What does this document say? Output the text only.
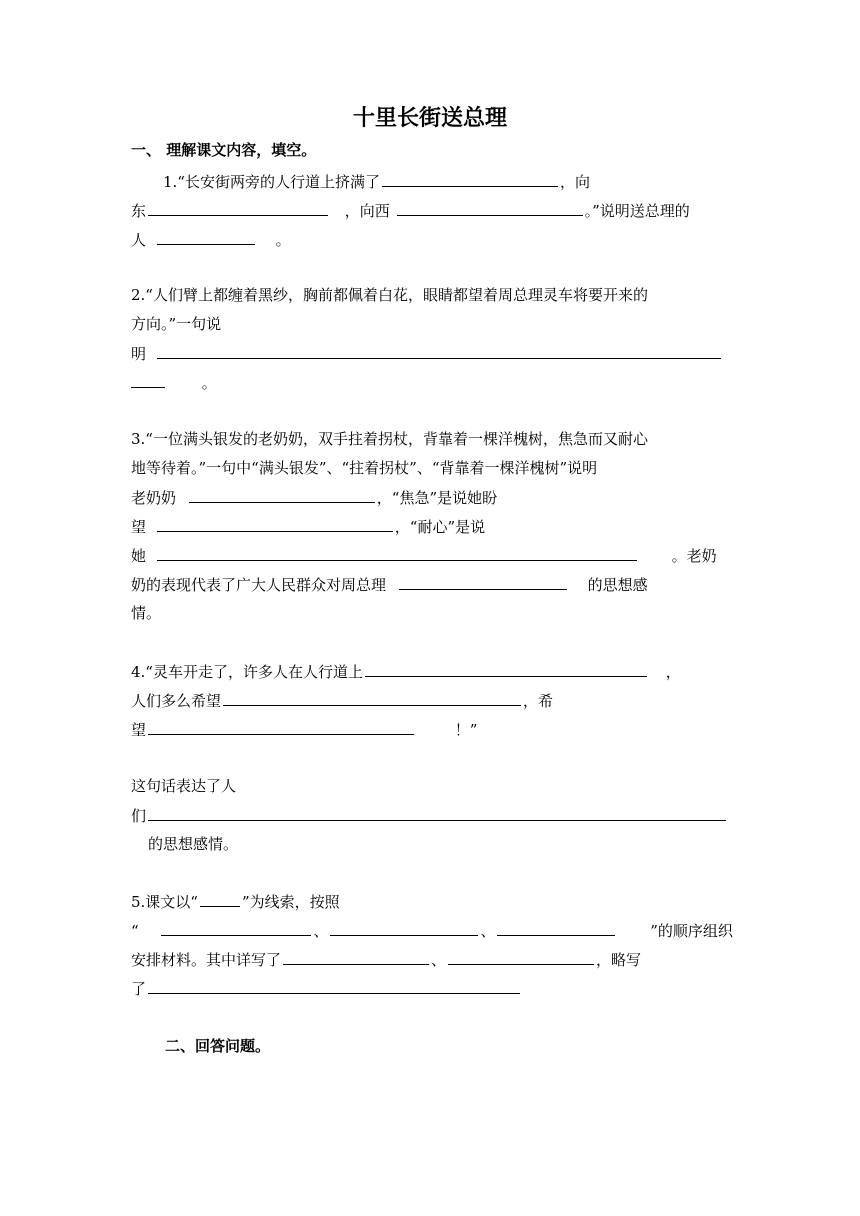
十里长街送总理
一、 理解课文内容，填空。
1.“长安街两旁的人行道上挤满了	，向
东	，向西	。”说明送总理的
人	。
2.“人们臂上都缠着黑纱，胸前都佩着白花，眼睛都望着周总理灵车将要开来的
方向。”一句说
明
。
3.“一位满头银发的老奶奶，双手拄着拐杖，背靠着一棵洋槐树，焦急而又耐心
地等待着。”一句中“满头银发”、“拄着拐杖”、“背靠着一棵洋槐树”说明
老奶奶	，“焦急”是说她盼
望	，“耐心”是说
她	。老奶
奶的表现代表了广大人民群众对周总理	的思想感
情。
4.“灵车开走了，许多人在人行道上	，
人们多么希望	，希
望	！”
这句话表达了人
们
的思想感情。
5.课文以“	”为线索，按照
“	、	、	”的顺序组织
安排材料。其中详写了	、	，略写
了
二、回答问题。
